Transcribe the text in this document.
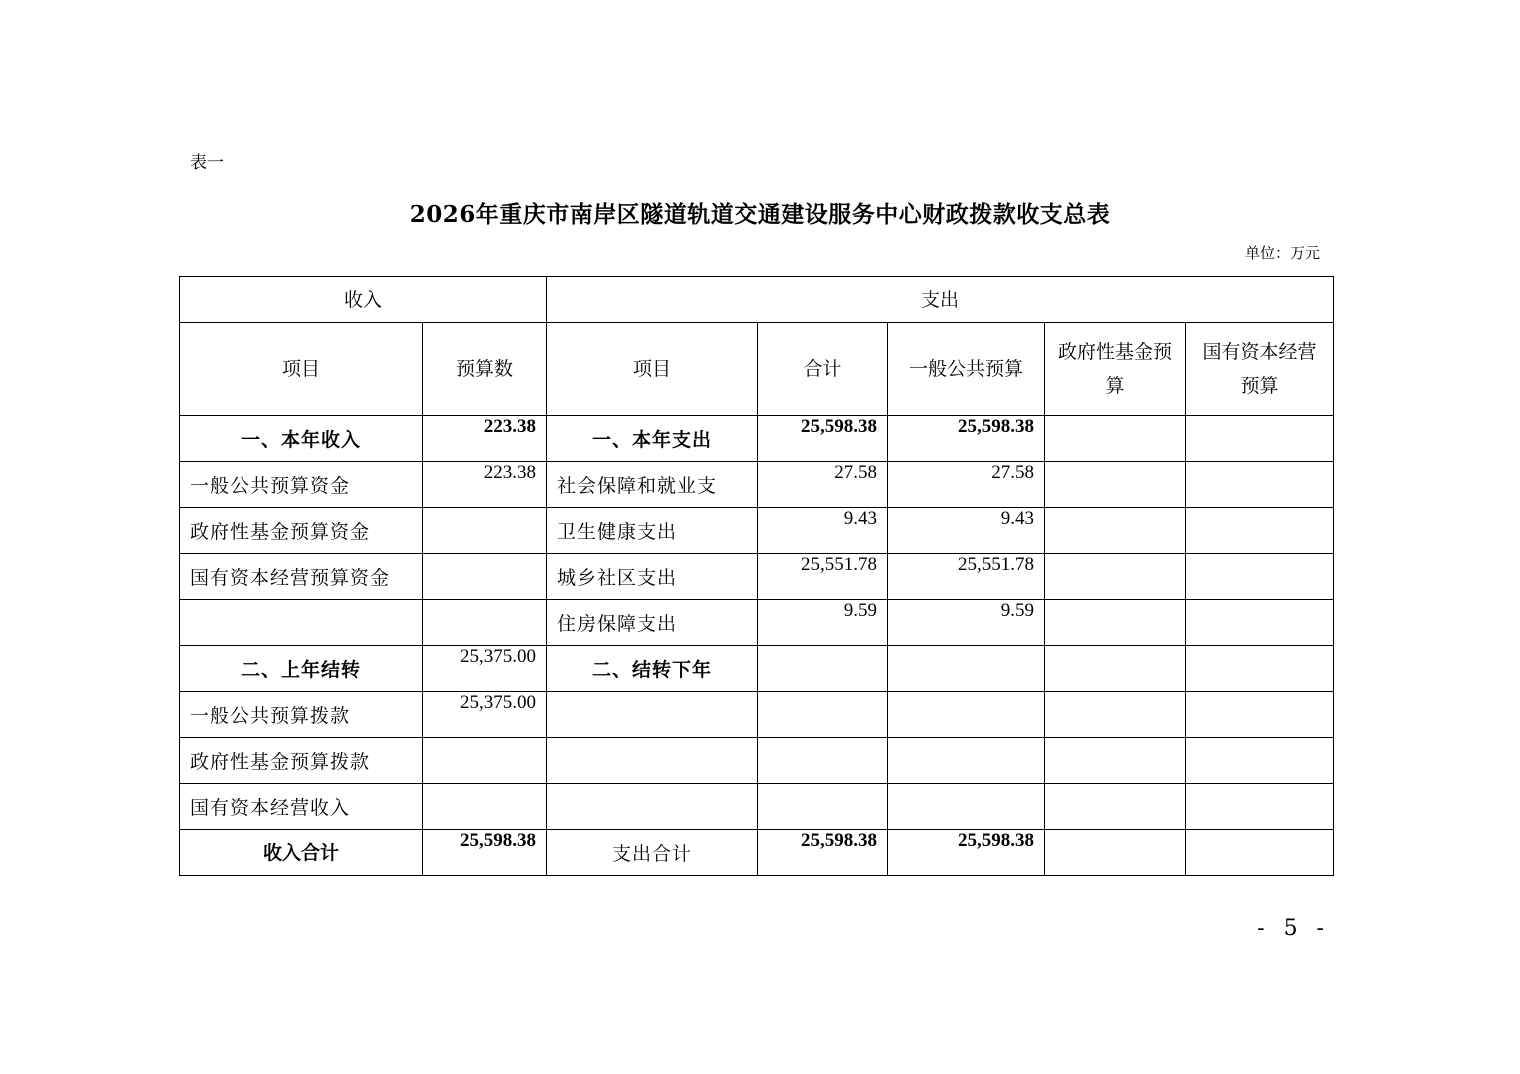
表一
2026年重庆市南岸区隧道轨道交通建设服务中心财政拨款收支总表
单位：万元
收入		支出				
项目	预算数	项目	合计	一般公共预算	政府性基金预算	国有资本经营预算
一、本年收入	223.38	一、本年支出	25,598.38	25,598.38		
一般公共预算资金	223.38	社会保障和就业支	27.58	27.58		
政府性基金预算资金		卫生健康支出	9.43	9.43		
国有资本经营预算资金		城乡社区支出	25,551.78	25,551.78		
		住房保障支出	9.59	9.59		
二、上年结转	25,375.00	二、结转下年				
一般公共预算拨款	25,375.00					
政府性基金预算拨款						
国有资本经营收入						
收入合计	25,598.38	支出合计	25,598.38	25,598.38		
- 5 -
